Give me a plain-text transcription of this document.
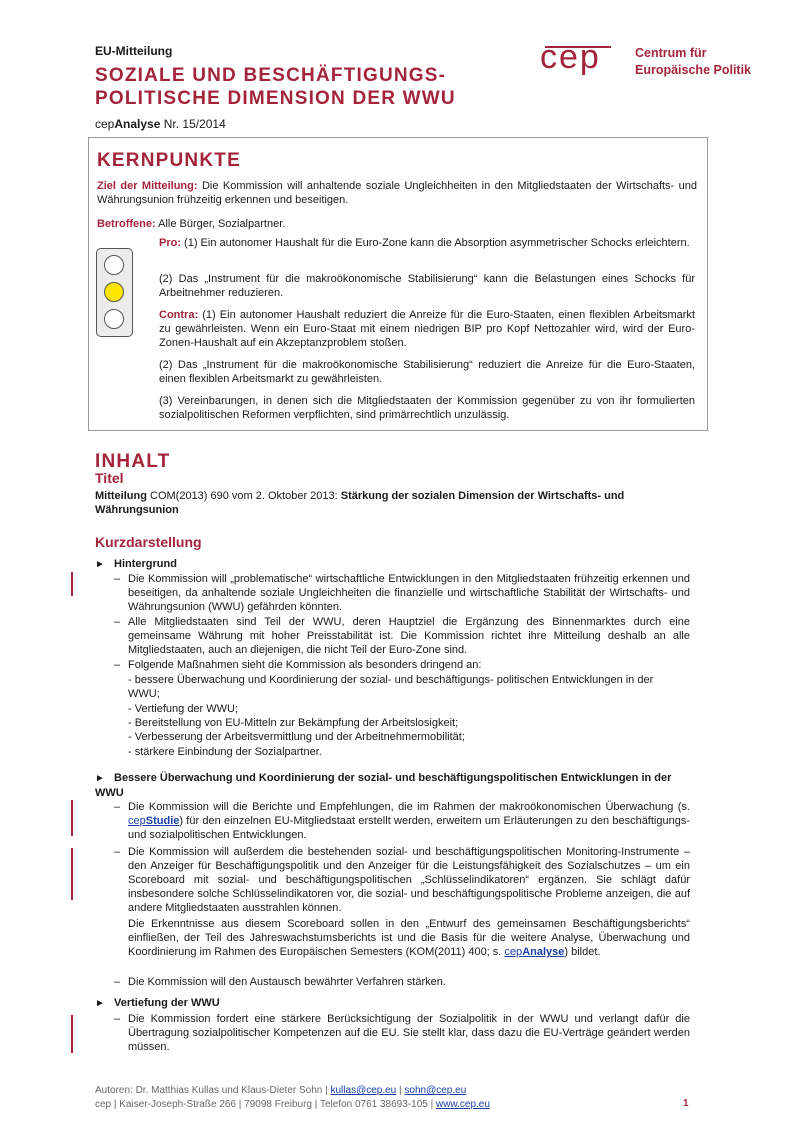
EU-Mitteilung
SOZIALE UND BESCHÄFTIGUNGS-
POLITISCHE DIMENSION DER WWU
cepAnalyse Nr. 15/2014
cep	Centrum für
Europäische Politik
KERNPUNKTE
Ziel der Mitteilung: Die Kommission will anhaltende soziale Ungleichheiten in den Mitgliedstaaten der Wirtschafts- und Währungsunion frühzeitig erkennen und beseitigen.
Betroffene: Alle Bürger, Sozialpartner.
Pro: (1) Ein autonomer Haushalt für die Euro-Zone kann die Absorption asymmetrischer Schocks erleichtern.
(2) Das „Instrument für die makroökonomische Stabilisierung“ kann die Belastungen eines Schocks für Arbeitnehmer reduzieren.
Contra: (1) Ein autonomer Haushalt reduziert die Anreize für die Euro-Staaten, einen flexiblen Arbeitsmarkt zu gewährleisten. Wenn ein Euro-Staat mit einem niedrigen BIP pro Kopf Nettozahler wird, wird der Euro-Zonen-Haushalt auf ein Akzeptanzproblem stoßen.
(2) Das „Instrument für die makroökonomische Stabilisierung“ reduziert die Anreize für die Euro-Staaten, einen flexiblen Arbeitsmarkt zu gewährleisten.
(3) Vereinbarungen, in denen sich die Mitgliedstaaten der Kommission gegenüber zu von ihr formulierten sozialpolitischen Reformen verpflichten, sind primärrechtlich unzulässig.
INHALT
Titel
Mitteilung COM(2013) 690 vom 2. Oktober 2013: Stärkung der sozialen Dimension der Wirtschafts- und Währungsunion
Kurzdarstellung
► Hintergrund
– Die Kommission will „problematische“ wirtschaftliche Entwicklungen in den Mitgliedstaaten frühzeitig erkennen und beseitigen, da anhaltende soziale Ungleichheiten die finanzielle und wirtschaftliche Stabilität der Wirtschafts- und Währungsunion (WWU) gefährden könnten.
– Alle Mitgliedstaaten sind Teil der WWU, deren Hauptziel die Ergänzung des Binnenmarktes durch eine gemeinsame Währung mit hoher Preisstabilität ist. Die Kommission richtet ihre Mitteilung deshalb an alle Mitgliedstaaten, auch an diejenigen, die nicht Teil der Euro-Zone sind.
– Folgende Maßnahmen sieht die Kommission als besonders dringend an:
- bessere Überwachung und Koordinierung der sozial- und beschäftigungs- politischen Entwicklungen in der WWU;
- Vertiefung der WWU;
- Bereitstellung von EU-Mitteln zur Bekämpfung der Arbeitslosigkeit;
- Verbesserung der Arbeitsvermittlung und der Arbeitnehmermobilität;
- stärkere Einbindung der Sozialpartner.
► Bessere Überwachung und Koordinierung der sozial- und beschäftigungspolitischen Entwicklungen in der WWU
– Die Kommission will die Berichte und Empfehlungen, die im Rahmen der makroökonomischen Überwachung (s. cepStudie) für den einzelnen EU-Mitgliedstaat erstellt werden, erweitern um Erläuterungen zu den beschäftigungs- und sozialpolitischen Entwicklungen.
– Die Kommission will außerdem die bestehenden sozial- und beschäftigungspolitischen Monitoring-Instrumente – den Anzeiger für Beschäftigungspolitik und den Anzeiger für die Leistungsfähigkeit des Sozialschutzes – um ein Scoreboard mit sozial- und beschäftigungspolitischen „Schlüsselindikatoren“ ergänzen. Sie schlägt dafür insbesondere solche Schlüsselindikatoren vor, die sozial- und beschäftigungspolitische Probleme anzeigen, die auf andere Mitgliedstaaten ausstrahlen können.
Die Erkenntnisse aus diesem Scoreboard sollen in den „Entwurf des gemeinsamen Beschäftigungsberichts“ einfließen, der Teil des Jahreswachstumsberichts ist und die Basis für die weitere Analyse, Überwachung und Koordinierung im Rahmen des Europäischen Semesters (KOM(2011) 400; s. cepAnalyse) bildet.
– Die Kommission will den Austausch bewährter Verfahren stärken.
► Vertiefung der WWU
– Die Kommission fordert eine stärkere Berücksichtigung der Sozialpolitik in der WWU und verlangt dafür die Übertragung sozialpolitischer Kompetenzen auf die EU. Sie stellt klar, dass dazu die EU-Verträge geändert werden müssen.
Autoren: Dr. Matthias Kullas und Klaus-Dieter Sohn | kullas@cep.eu | sohn@cep.eu
cep | Kaiser-Joseph-Straße 266 | 79098 Freiburg | Telefon 0761 38693-105 | www.cep.eu	1
